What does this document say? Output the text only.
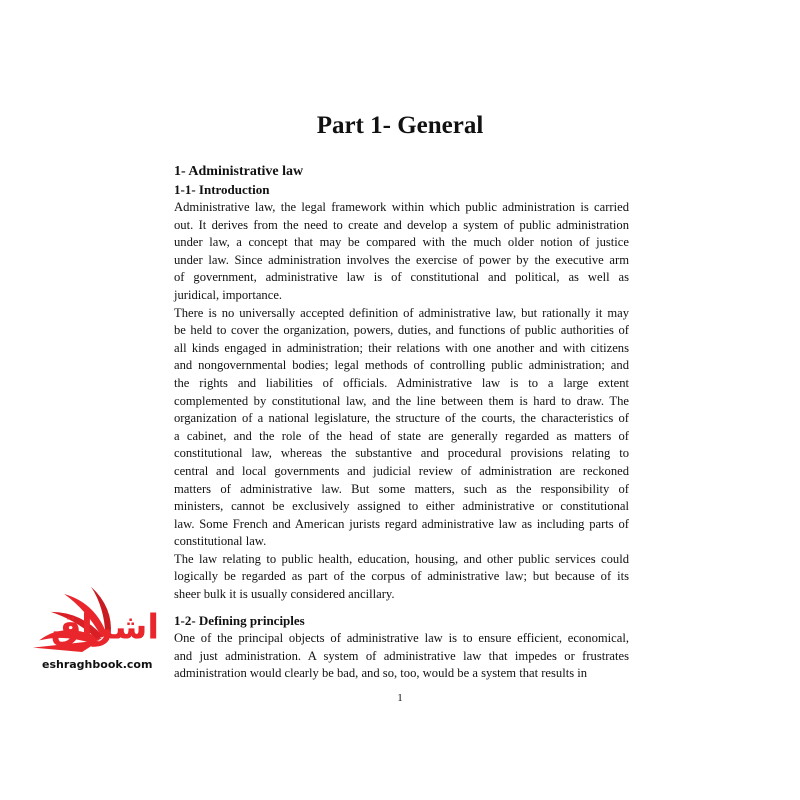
Part 1- General
1- Administrative law
1-1- Introduction
Administrative law, the legal framework within which public administration is carried
out. It derives from the need to create and develop a system of public administration
under law, a concept that may be compared with the much older notion of justice
under law. Since administration involves the exercise of power by the executive arm
of government, administrative law is of constitutional and political, as well as
juridical, importance.
There is no universally accepted definition of administrative law, but rationally it may
be held to cover the organization, powers, duties, and functions of public authorities of
all kinds engaged in administration; their relations with one another and with citizens
and nongovernmental bodies; legal methods of controlling public administration; and
the rights and liabilities of officials. Administrative law is to a large extent
complemented by constitutional law, and the line between them is hard to draw. The
organization of a national legislature, the structure of the courts, the characteristics of
a cabinet, and the role of the head of state are generally regarded as matters of
constitutional law, whereas the substantive and procedural provisions relating to
central and local governments and judicial review of administration are reckoned
matters of administrative law. But some matters, such as the responsibility of
ministers, cannot be exclusively assigned to either administrative or constitutional
law. Some French and American jurists regard administrative law as including parts of
constitutional law.
The law relating to public health, education, housing, and other public services could
logically be regarded as part of the corpus of administrative law; but because of its
sheer bulk it is usually considered ancillary.
1-2- Defining principles
One of the principal objects of administrative law is to ensure efficient, economical,
and just administration. A system of administrative law that impedes or frustrates
administration would clearly be bad, and so, too, would be a system that results in
1
اشراق
eshraghbook.com
